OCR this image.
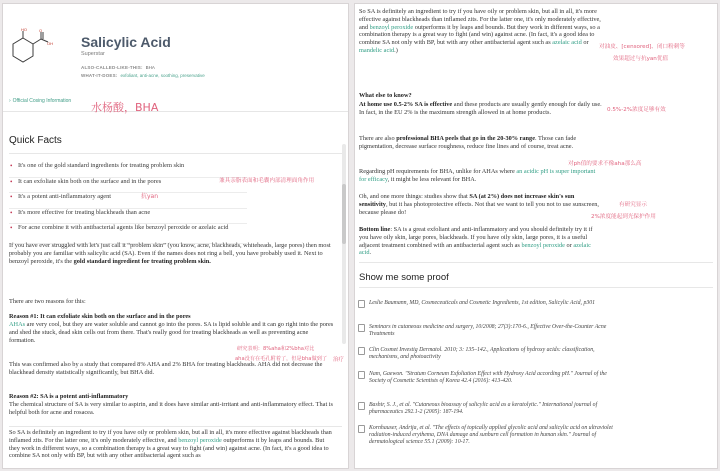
HO	O
OH Salicylic Acid
Superstar
ALSO-CALLED-LIKE-THIS: BHA
WHAT-IT-DOES: exfoliant, anti-acne, soothing, preservative
› Official Cosing Information 水杨酸，BHA
Quick Facts
• It's one of the gold standard ingredients for treating problem skin
• It can exfoliate skin both on the surface and in the pores
• It's a potent anti-inflammatory agent
• It's more effective for treating blackheads than acne
• For acne combine it with antibacterial agents like benzoyl peroxide or azelaic acid
兼具亲脂表面和毛囊内部清理面角作用
抗yan
If you have ever struggled with let's just call it “problem skin” (you know, acne, blackheads, whiteheads, large pores) then most probably you are familiar with salicylic acid (SA). Even if the names does not ring a bell, you have probably used it. Next to benzoyl peroxide, it's the gold standard ingredient for treating problem skin.
There are two reasons for this:
Reason #1: It can exfoliate skin both on the surface and in the pores
AHAs are very cool, but they are water soluble and cannot go into the pores. SA is lipid soluble and it can go right into the pores and shed the stuck, dead skin cells out from there. That's really good for treating blackheads as well as preventing acne formation.
This was confirmed also by a study that compared 8% AHA and 2% BHA for treating blackheads. AHA did not decrease the blackhead density statistically significantly, but BHA did.
研究表明：8%aha和2%bha对比
aha没有在毛孔附着了，但是bha做到了 治疗
Reason #2: SA is a potent anti-inflammatory
The chemical structure of SA is very similar to aspirin, and it does have similar anti-irritant and anti-inflammatory effect. That is helpful both for acne and rosacea.
So SA is definitely an ingredient to try if you have oily or problem skin, but all in all, it's more effective against blackheads than inflamed zits. For the latter one, it's only moderately effective, and benzoyl peroxide outperforms it by leaps and bounds. But they work in different ways, so a combination therapy is a great way to fight (and win) against acne. (In fact, it's a good idea to combine SA not only with BP, but with any other antibacterial agent such as
So SA is definitely an ingredient to try if you have oily or problem skin, but all in all, it's more effective against blackheads than inflamed zits. For the latter one, it's only moderately effective, and benzoyl peroxide outperforms it by leaps and bounds. But they work in different ways, so a combination therapy is a great way to fight (and win) against acne. (In fact, it's a good idea to combine SA not only with BP, but with any other antibacterial agent such as azelaic acid or mandelic acid.)	对油皮、[censored]、闭口粉刺等
效果超过与抗yan优值
What else to know?
At home use 0.5-2% SA is effective and these products are usually gently enough for daily use. In fact, in the EU 2% is the maximum strength allowed in at home products.	0.5%-2%浓度足够有效
There are also professional BHA peels that go in the 20-30% range. Those can fade pigmentation, decrease surface roughness, reduce fine lines and of course, treat acne.
Regarding pH requirements for BHA, unlike for AHAs where an acidic pH is super important for efficacy, it might be less relevant for BHA.
对ph值的要求不像aha那么高
Oh, and one more things: studies show that SA (at 2%) does not increase skin's sun sensitivity, but it has photoprotective effects. Not that we want to tell you not to use sunscreen, because please do!
有研究显示
2%浓度能起到光保护作用
Bottom line: SA is a great exfoliant and anti-inflammatory and you should definitely try it if you have oily skin, large pores, blackheads. If you have oily skin, large pores, it is a useful adjacent treatment combined with an antibacterial agent such as benzoyl peroxide or azelaic acid.
Show me some proof
Leslie Baumann, MD, Cosmeceuticals and Cosmetic Ingredients, 1st edition, Salicylic Acid, p301
Seminars in cutaneous medicine and surgery, 10/2008; 27(3):170-6., Effective Over-the-Counter Acne Treatments
Clin Cosmet Investig Dermatol. 2010; 3: 135–142., Applications of hydroxy acids: classification, mechanisms, and photoactivity
Nam, Gaewon. "Stratum Corneum Exfoliation Effect with Hydroxy Acid according pH." Journal of the Society of Cosmetic Scientists of Korea 42.4 (2016): 413-420.
Bashir, S. J., et al. "Cutaneous bioassay of salicylic acid as a keratolytic." International journal of pharmaceutics 292.1-2 (2005): 187-194.
Kornhauser, Andrija, et al. "The effects of topically applied glycolic acid and salicylic acid on ultraviolet radiation-induced erythema, DNA damage and sunburn cell formation in human skin." Journal of dermatological science 55.1 (2009): 10-17.
